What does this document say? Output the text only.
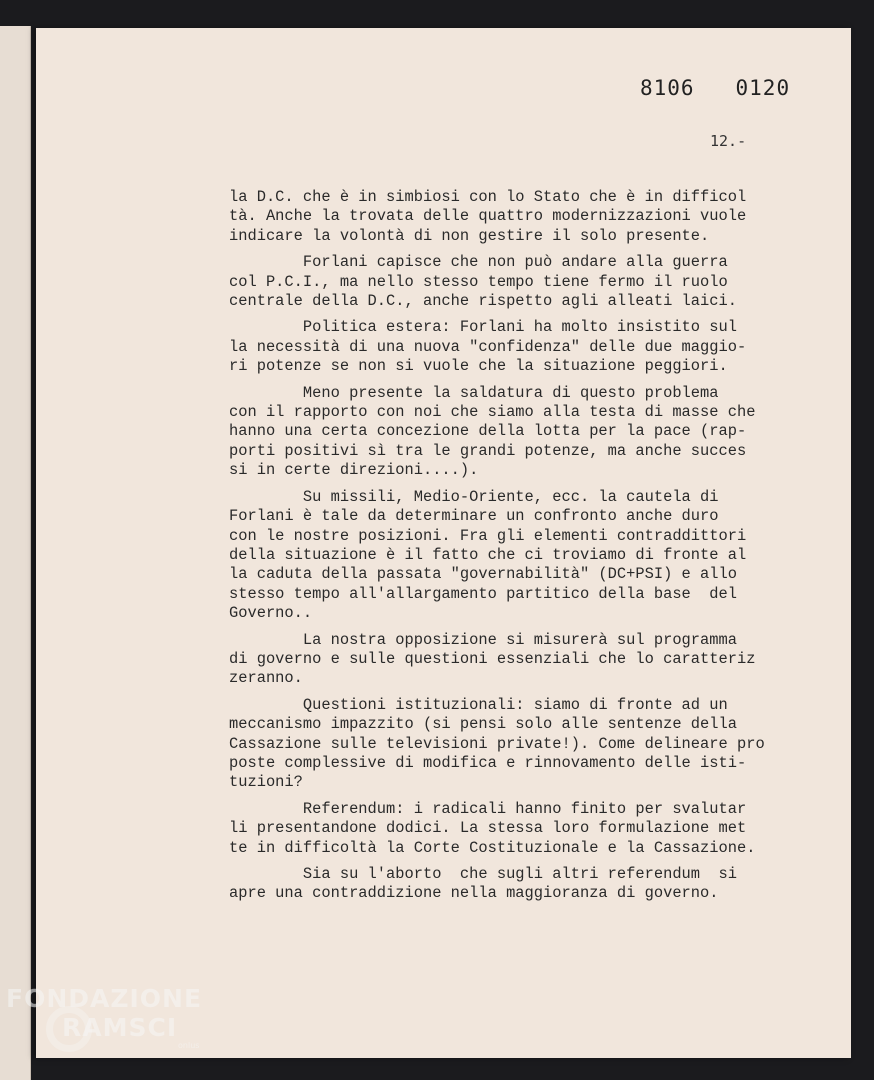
8106 0120
12.-
la D.C. che è in simbiosi con lo Stato che è in difficol
tà. Anche la trovata delle quattro modernizzazioni vuole
indicare la volontà di non gestire il solo presente.
Forlani capisce che non può andare alla guerra
col P.C.I., ma nello stesso tempo tiene fermo il ruolo
centrale della D.C., anche rispetto agli alleati laici.
Politica estera: Forlani ha molto insistito sul
la necessità di una nuova "confidenza" delle due maggio-
ri potenze se non si vuole che la situazione peggiori.
Meno presente la saldatura di questo problema
con il rapporto con noi che siamo alla testa di masse che
hanno una certa concezione della lotta per la pace (rap-
porti positivi sì tra le grandi potenze, ma anche succes
si in certe direzioni....).
Su missili, Medio-Oriente, ecc. la cautela di
Forlani è tale da determinare un confronto anche duro
con le nostre posizioni. Fra gli elementi contraddittori
della situazione è il fatto che ci troviamo di fronte al
la caduta della passata "governabilità" (DC+PSI) e allo
stesso tempo all'allargamento partitico della base  del
Governo..
La nostra opposizione si misurerà sul programma
di governo e sulle questioni essenziali che lo caratteriz
zeranno.
Questioni istituzionali: siamo di fronte ad un
meccanismo impazzito (si pensi solo alle sentenze della
Cassazione sulle televisioni private!). Come delineare pro
poste complessive di modifica e rinnovamento delle isti-
tuzioni?
Referendum: i radicali hanno finito per svalutar
li presentandone dodici. La stessa loro formulazione met
te in difficoltà la Corte Costituzionale e la Cassazione.
Sia su l'aborto  che sugli altri referendum  si
apre una contraddizione nella maggioranza di governo.
FONDAZIONE
RAMSCI
onlus
